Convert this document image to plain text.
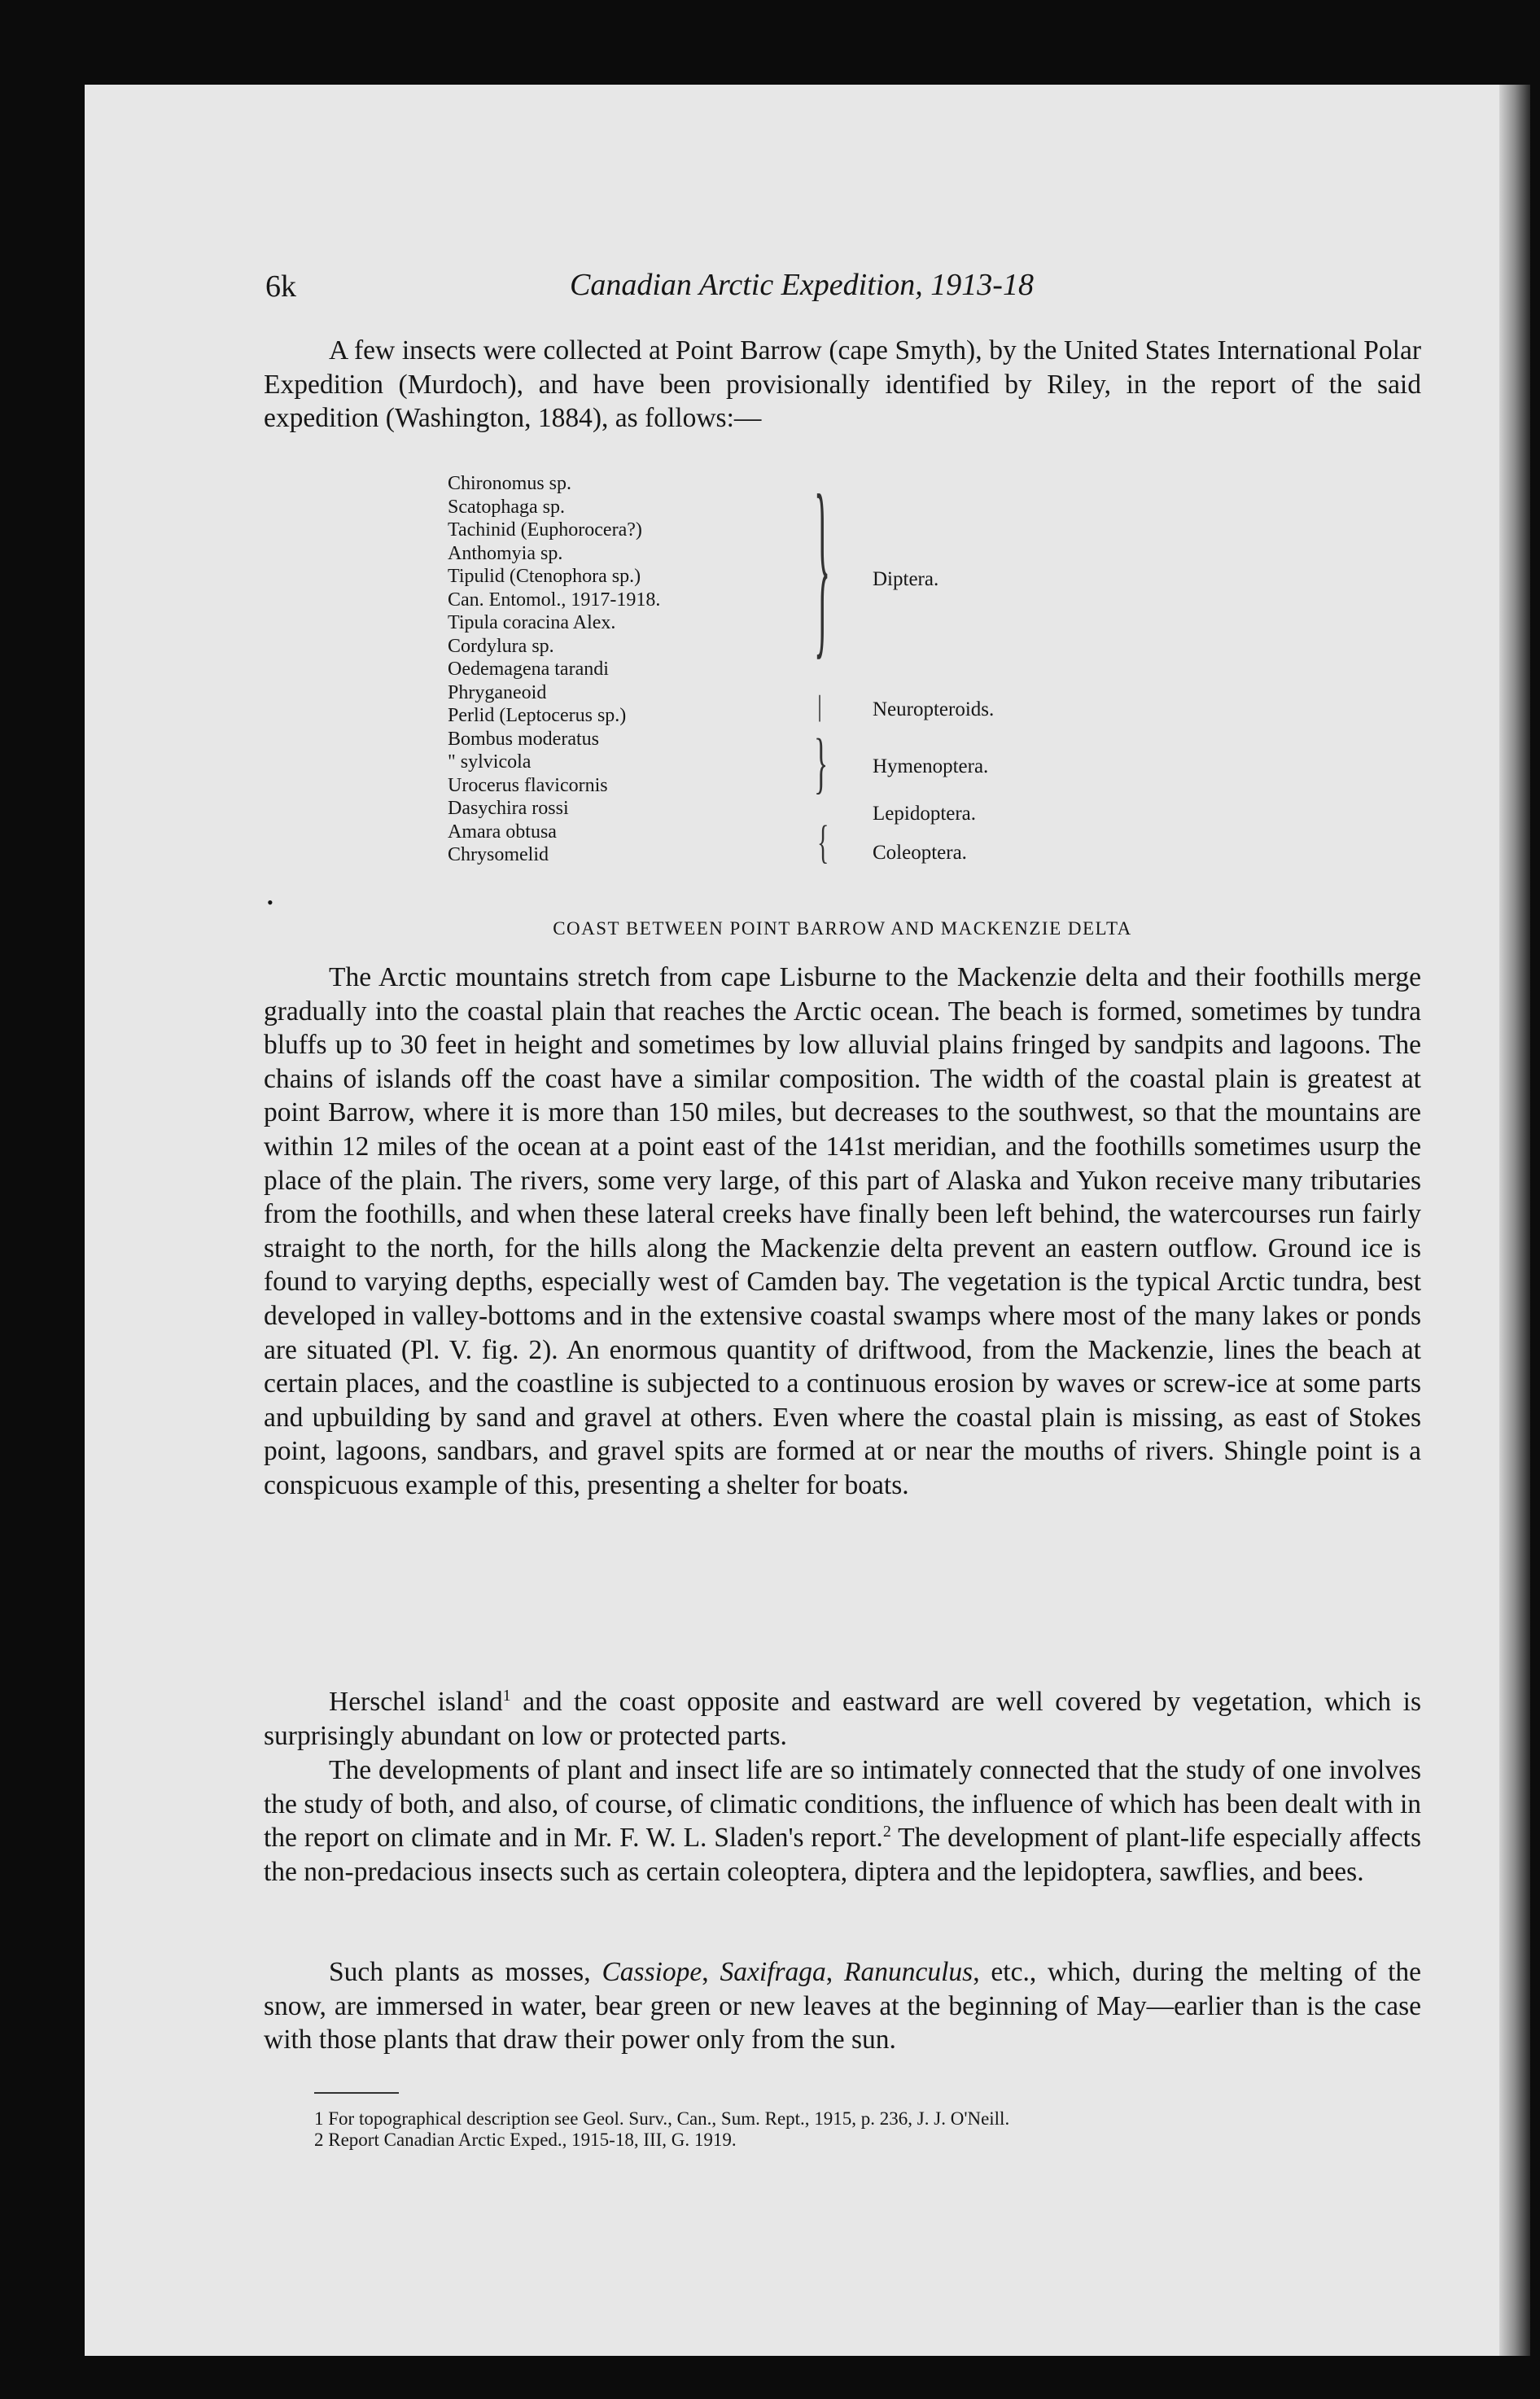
6k	Canadian Arctic Expedition, 1913-18

A few insects were collected at Point Barrow (cape Smyth), by the United States International Polar Expedition (Murdoch), and have been provisionally identified by Riley, in the report of the said expedition (Washington, 1884), as follows:—

Chironomus sp.
Scatophaga sp.
Tachinid (Euphorocera?)
Anthomyia sp.
Tipulid (Ctenophora sp.)
Can. Entomol., 1917-1918.
Tipula coracina Alex.
Cordylura sp.
Oedemagena tarandi
Phryganeoid
Perlid (Leptocerus sp.)
Bombus moderatus
" sylvicola
Urocerus flavicornis
Dasychira rossi
Amara obtusa
Chrysomelid
} Diptera.
| Neuropteroids.
} Hymenoptera.
Lepidoptera.
{ Coleoptera.
•
COAST BETWEEN POINT BARROW AND MACKENZIE DELTA

The Arctic mountains stretch from cape Lisburne to the Mackenzie delta and their foothills merge gradually into the coastal plain that reaches the Arctic ocean. The beach is formed, sometimes by tundra bluffs up to 30 feet in height and sometimes by low alluvial plains fringed by sandpits and lagoons. The chains of islands off the coast have a similar composition. The width of the coastal plain is greatest at point Barrow, where it is more than 150 miles, but decreases to the southwest, so that the mountains are within 12 miles of the ocean at a point east of the 141st meridian, and the foothills sometimes usurp the place of the plain. The rivers, some very large, of this part of Alaska and Yukon receive many tributaries from the foothills, and when these lateral creeks have finally been left behind, the watercourses run fairly straight to the north, for the hills along the Mackenzie delta prevent an eastern outflow. Ground ice is found to varying depths, especially west of Camden bay. The vegetation is the typical Arctic tundra, best developed in valley-bottoms and in the extensive coastal swamps where most of the many lakes or ponds are situated (Pl. V. fig. 2). An enormous quantity of driftwood, from the Mackenzie, lines the beach at certain places, and the coastline is subjected to a continuous erosion by waves or screw-ice at some parts and upbuilding by sand and gravel at others. Even where the coastal plain is missing, as east of Stokes point, lagoons, sandbars, and gravel spits are formed at or near the mouths of rivers. Shingle point is a conspicuous example of this, presenting a shelter for boats.

Herschel island$^1$ and the coast opposite and eastward are well covered by vegetation, which is surprisingly abundant on low or protected parts.

The developments of plant and insect life are so intimately connected that the study of one involves the study of both, and also, of course, of climatic conditions, the influence of which has been dealt with in the report on climate and in Mr. F. W. L. Sladen's report.$^2$ The development of plant-life especially affects the non-predacious insects such as certain coleoptera, diptera and the lepidoptera, sawflies, and bees.

Such plants as mosses, Cassiope, Saxifraga, Ranunculus, etc., which, during the melting of the snow, are immersed in water, bear green or new leaves at the beginning of May—earlier than is the case with those plants that draw their power only from the sun.

1 For topographical description see Geol. Surv., Can., Sum. Rept., 1915, p. 236, J. J. O'Neill.
2 Report Canadian Arctic Exped., 1915-18, III, G. 1919.
